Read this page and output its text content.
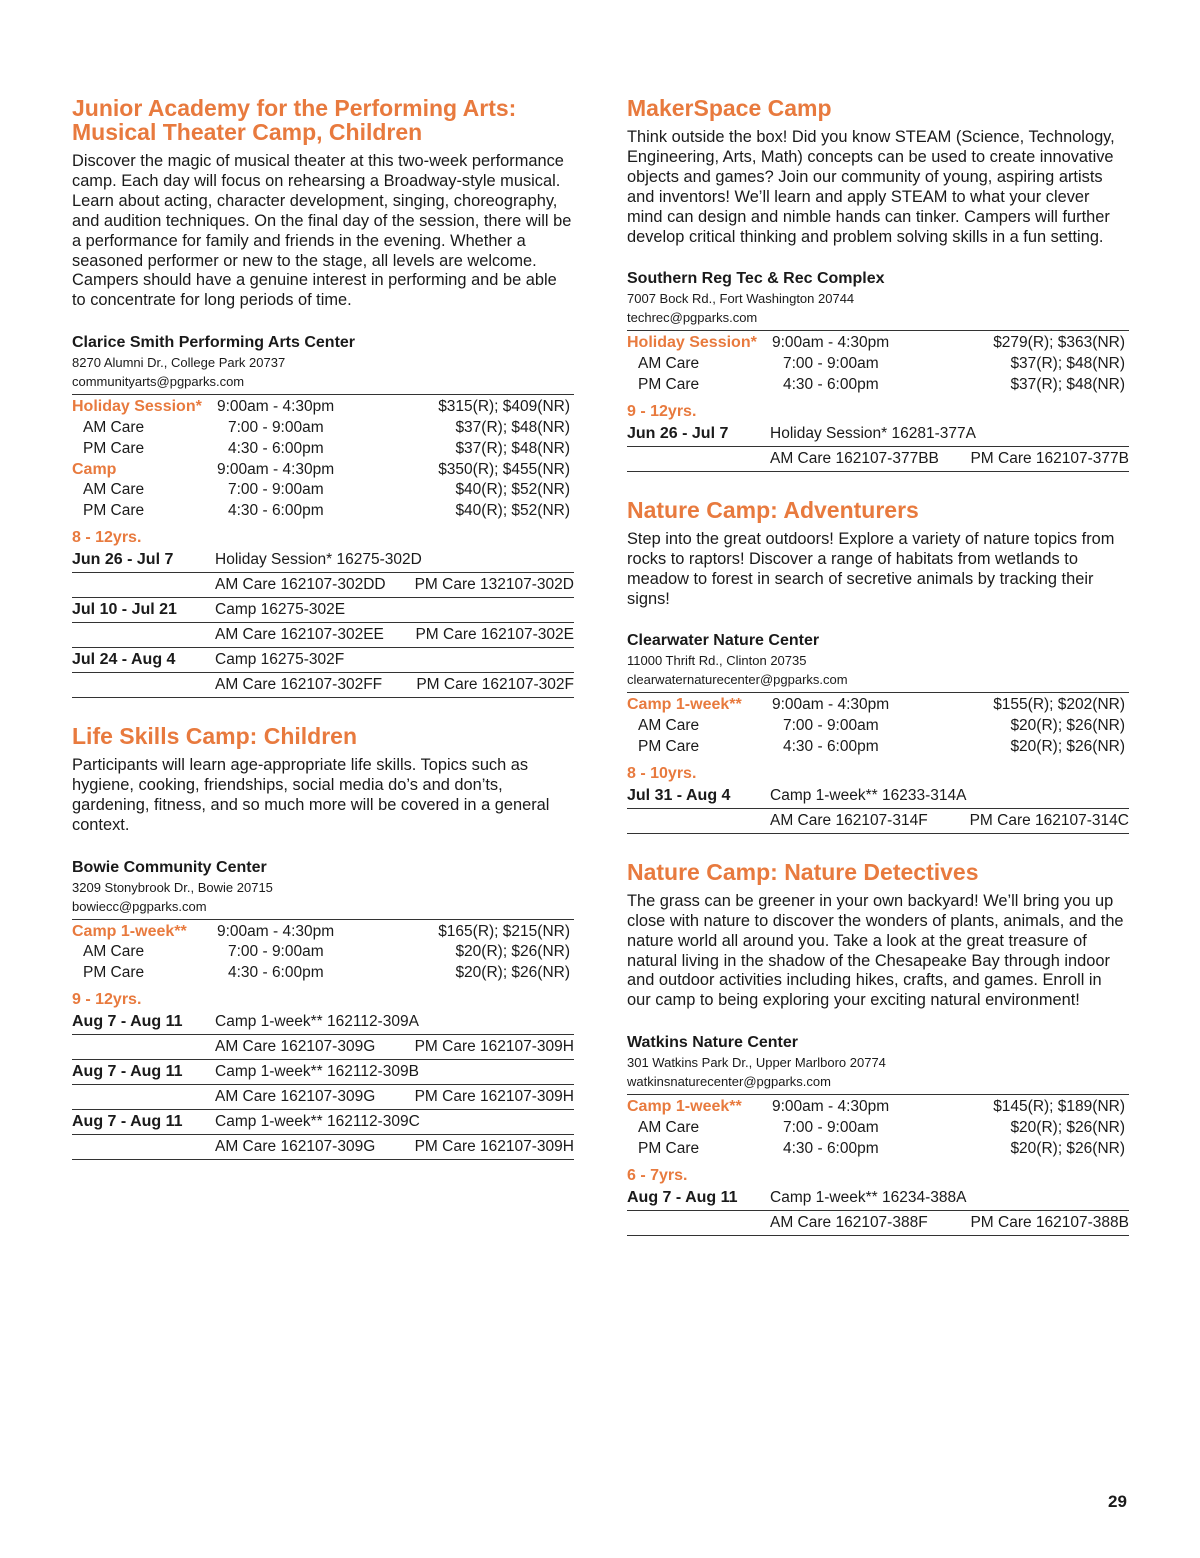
Junior Academy for the Performing Arts: Musical Theater Camp, Children

Discover the magic of musical theater at this two-week performance camp. Each day will focus on rehearsing a Broadway-style musical. Learn about acting, character development, singing, choreography, and audition techniques. On the final day of the session, there will be a performance for family and friends in the evening. Whether a seasoned performer or new to the stage, all levels are welcome. Campers should have a genuine interest in performing and be able to concentrate for long periods of time.

Clarice Smith Performing Arts Center

8270 Alumni Dr., College Park 20737

communityarts@pgparks.com

Holiday Session* 9:00am - 4:30pm	$315(R); $409(NR)
AM Care	7:00 - 9:00am	$37(R); $48(NR)
PM Care	4:30 - 6:00pm	$37(R); $48(NR)
Camp	9:00am - 4:30pm	$350(R); $455(NR)
AM Care	7:00 - 9:00am	$40(R); $52(NR)
PM Care	4:30 - 6:00pm	$40(R); $52(NR)
8 - 12yrs.
Jun 26 - Jul 7	Holiday Session* 16275-302D
AM Care 162107-302DD	PM Care 132107-302D
Jul 10 - Jul 21	Camp 16275-302E
AM Care 162107-302EE	PM Care 162107-302E
Jul 24 - Aug 4	Camp 16275-302F
AM Care 162107-302FF	PM Care 162107-302F
Life Skills Camp: Children

Participants will learn age-appropriate life skills. Topics such as hygiene, cooking, friendships, social media do’s and don’ts, gardening, fitness, and so much more will be covered in a general context.

Bowie Community Center

3209 Stonybrook Dr., Bowie 20715

bowiecc@pgparks.com

Camp 1-week**	9:00am - 4:30pm	$165(R); $215(NR)
AM Care	7:00 - 9:00am	$20(R); $26(NR)
PM Care	4:30 - 6:00pm	$20(R); $26(NR)
9 - 12yrs.
Aug 7 - Aug 11	Camp 1-week** 162112-309A
AM Care 162107-309G	PM Care 162107-309H
Aug 7 - Aug 11	Camp 1-week** 162112-309B
AM Care 162107-309G	PM Care 162107-309H
Aug 7 - Aug 11	Camp 1-week** 162112-309C
AM Care 162107-309G	PM Care 162107-309H
MakerSpace Camp

Think outside the box! Did you know STEAM (Science, Technology, Engineering, Arts, Math) concepts can be used to create innovative objects and games? Join our community of young, aspiring artists and inventors! We’ll learn and apply STEAM to what your clever mind can design and nimble hands can tinker. Campers will further develop critical thinking and problem solving skills in a fun setting.

Southern Reg Tec & Rec Complex

7007 Bock Rd., Fort Washington 20744

techrec@pgparks.com

Holiday Session* 9:00am - 4:30pm	$279(R); $363(NR)
AM Care	7:00 - 9:00am	$37(R); $48(NR)
PM Care	4:30 - 6:00pm	$37(R); $48(NR)
9 - 12yrs.
Jun 26 - Jul 7	Holiday Session* 16281-377A
AM Care 162107-377BB	PM Care 162107-377B
Nature Camp: Adventurers

Step into the great outdoors! Explore a variety of nature topics from rocks to raptors! Discover a range of habitats from wetlands to meadow to forest in search of secretive animals by tracking their signs!

Clearwater Nature Center

11000 Thrift Rd., Clinton 20735

clearwaternaturecenter@pgparks.com

Camp 1-week**	9:00am - 4:30pm	$155(R); $202(NR)
AM Care	7:00 - 9:00am	$20(R); $26(NR)
PM Care	4:30 - 6:00pm	$20(R); $26(NR)
8 - 10yrs.
Jul 31 - Aug 4	Camp 1-week** 16233-314A
AM Care 162107-314F	PM Care 162107-314C
Nature Camp: Nature Detectives

The grass can be greener in your own backyard! We’ll bring you up close with nature to discover the wonders of plants, animals, and the nature world all around you. Take a look at the great treasure of natural living in the shadow of the Chesapeake Bay through indoor and outdoor activities including hikes, crafts, and games. Enroll in our camp to being exploring your exciting natural environment!

Watkins Nature Center

301 Watkins Park Dr., Upper Marlboro 20774

watkinsnaturecenter@pgparks.com

Camp 1-week**	9:00am - 4:30pm	$145(R); $189(NR)
AM Care	7:00 - 9:00am	$20(R); $26(NR)
PM Care	4:30 - 6:00pm	$20(R); $26(NR)
6 - 7yrs.
Aug 7 - Aug 11	Camp 1-week** 16234-388A
AM Care 162107-388F	PM Care 162107-388B
29
